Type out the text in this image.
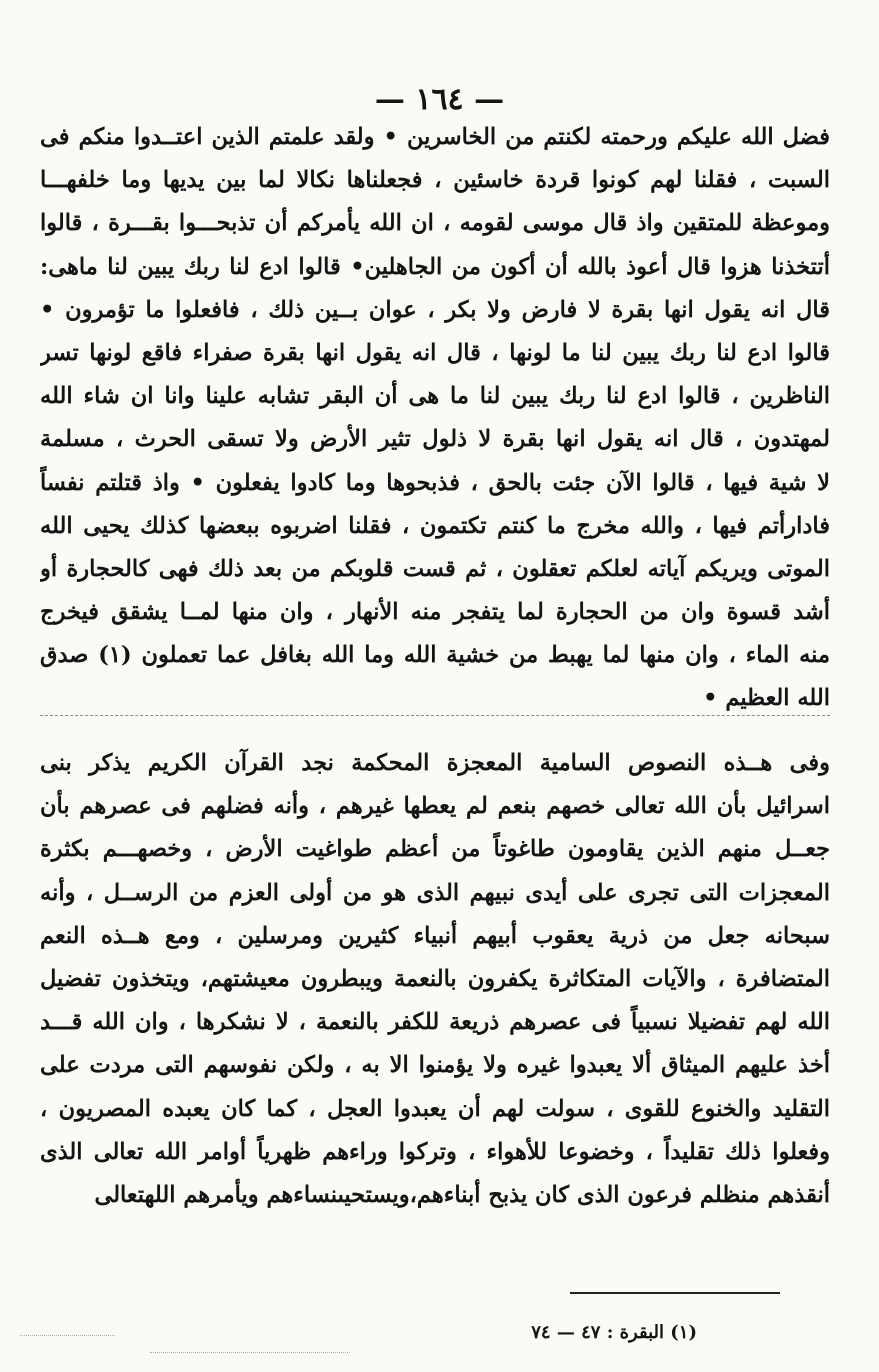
— ١٦٤ —
فضل الله عليكم ورحمته لكنتم من الخاسرين • ولقد علمتم الذين اعتــدوا منكم فى
السبت ، فقلنا لهم كونوا قردة خاسئين ، فجعلناها نكالا لما بين يديها وما خلفهـــا
وموعظة للمتقين واذ قال موسى لقومه ، ان الله يأمركم أن تذبحـــوا بقـــرة ، قالوا
أتتخذنا هزوا قال أعوذ بالله أن أكون من الجاهلين• قالوا ادع لنا ربك يبين لنا ماهى:
قال انه يقول انها بقرة لا فارض ولا بكر ، عوان بــين ذلك ، فافعلوا ما تؤمرون •
قالوا ادع لنا ربك يبين لنا ما لونها ، قال انه يقول انها بقرة صفراء فاقع لونها تسر
الناظرين ، قالوا ادع لنا ربك يبين لنا ما هى أن البقر تشابه علينا وانا ان شاء الله
لمهتدون ، قال انه يقول انها بقرة لا ذلول تثير الأرض ولا تسقى الحرث ، مسلمة
لا شية فيها ، قالوا الآن جئت بالحق ، فذبحوها وما كادوا يفعلون • واذ قتلتم نفساً
فادارأتم فيها ، والله مخرج ما كنتم تكتمون ، فقلنا اضربوه ببعضها كذلك يحيى الله
الموتى ويريكم آياته لعلكم تعقلون ، ثم قست قلوبكم من بعد ذلك فهى كالحجارة أو
أشد قسوة وان من الحجارة لما يتفجر منه الأنهار ، وان منها لمــا يشقق فيخرج
منه الماء ، وان منها لما يهبط من خشية الله وما الله بغافل عما تعملون (١) صدق
الله العظيم •
وفى هــذه النصوص السامية المعجزة المحكمة نجد القرآن الكريم يذكر بنى
اسرائيل بأن الله تعالى خصهم بنعم لم يعطها غيرهم ، وأنه فضلهم فى عصرهم بأن
جعــل منهم الذين يقاومون طاغوتاً من أعظم طواغيت الأرض ، وخصهـــم بكثرة
المعجزات التى تجرى على أيدى نبيهم الذى هو من أولى العزم من الرســل ، وأنه
سبحانه جعل من ذرية يعقوب أبيهم أنبياء كثيرين ومرسلين ، ومع هــذه النعم
المتضافرة ، والآيات المتكاثرة يكفرون بالنعمة ويبطرون معيشتهم، ويتخذون تفضيل
الله لهم تفضيلا نسبياً فى عصرهم ذريعة للكفر بالنعمة ، لا نشكرها ، وان الله قـــد
أخذ عليهم الميثاق ألا يعبدوا غيره ولا يؤمنوا الا به ، ولكن نفوسهم التى مردت على
التقليد والخنوع للقوى ، سولت لهم أن يعبدوا العجل ، كما كان يعبده المصريون ،
وفعلوا ذلك تقليداً ، وخضوعا للأهواء ، وتركوا وراءهم ظهرياً أوامر الله تعالى الذى
أنقذهم منظلم فرعون الذى كان يذبح أبناءهم،ويستحيىنساءهم ويأمرهم اللهتعالى
(١) البقرة : ٤٧ — ٧٤
